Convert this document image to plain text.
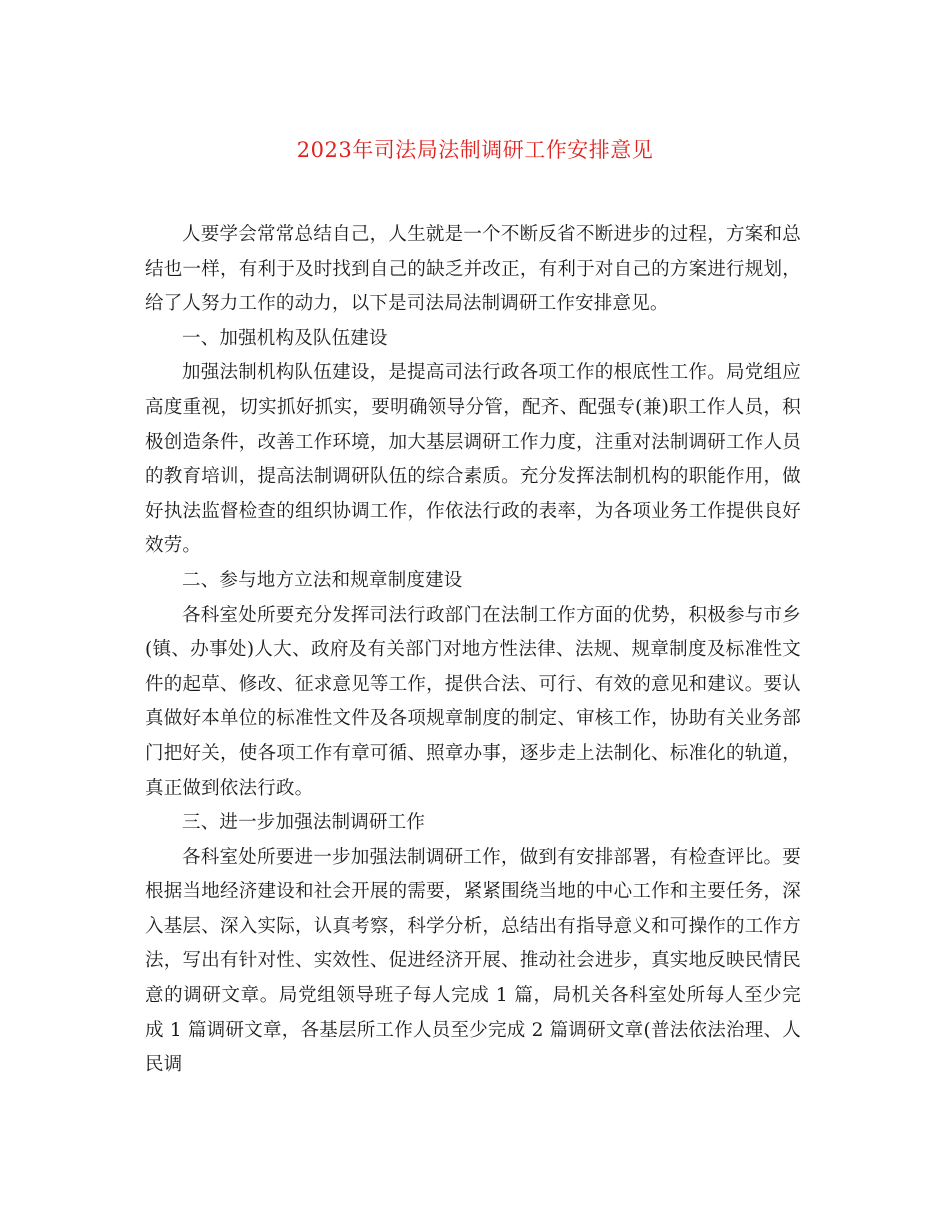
2023年司法局法制调研工作安排意见

人要学会常常总结自己，人生就是一个不断反省不断进步的过程，方案和总结也一样，有利于及时找到自己的缺乏并改正，有利于对自己的方案进行规划，给了人努力工作的动力，以下是司法局法制调研工作安排意见。

一、加强机构及队伍建设

加强法制机构队伍建设，是提高司法行政各项工作的根底性工作。局党组应高度重视，切实抓好抓实，要明确领导分管，配齐、配强专(兼)职工作人员，积极创造条件，改善工作环境，加大基层调研工作力度，注重对法制调研工作人员的教育培训，提高法制调研队伍的综合素质。充分发挥法制机构的职能作用，做好执法监督检查的组织协调工作，作依法行政的表率，为各项业务工作提供良好效劳。

二、参与地方立法和规章制度建设

各科室处所要充分发挥司法行政部门在法制工作方面的优势，积极参与市乡(镇、办事处)人大、政府及有关部门对地方性法律、法规、规章制度及标准性文件的起草、修改、征求意见等工作，提供合法、可行、有效的意见和建议。要认真做好本单位的标准性文件及各项规章制度的制定、审核工作，协助有关业务部门把好关，使各项工作有章可循、照章办事，逐步走上法制化、标准化的轨道，真正做到依法行政。

三、进一步加强法制调研工作

各科室处所要进一步加强法制调研工作，做到有安排部署，有检查评比。要根据当地经济建设和社会开展的需要，紧紧围绕当地的中心工作和主要任务，深入基层、深入实际，认真考察，科学分析，总结出有指导意义和可操作的工作方法，写出有针对性、实效性、促进经济开展、推动社会进步，真实地反映民情民意的调研文章。局党组领导班子每人完成 1 篇，局机关各科室处所每人至少完成 1 篇调研文章，各基层所工作人员至少完成 2 篇调研文章(普法依法治理、人民调
